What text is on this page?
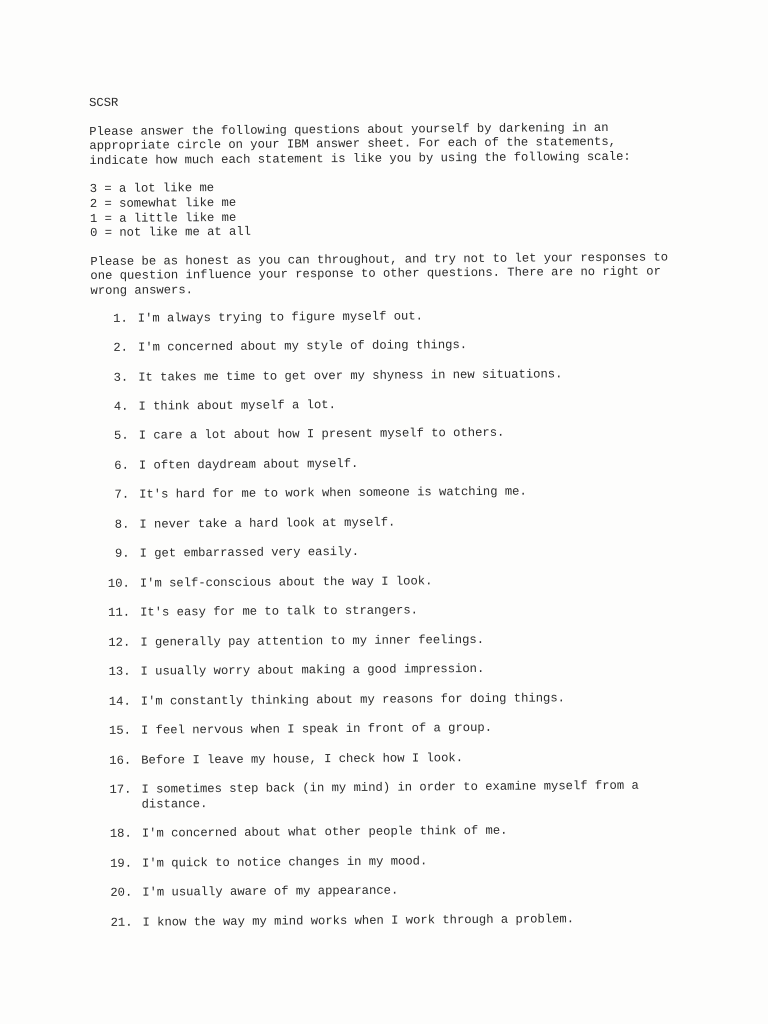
SCSR

Please answer the following questions about yourself by darkening in an appropriate circle on your IBM answer sheet. For each of the statements, indicate how much each statement is like you by using the following scale:

3 = a lot like me
2 = somewhat like me
1 = a little like me
0 = not like me at all

Please be as honest as you can throughout, and try not to let your responses to one question influence your response to other questions. There are no right or wrong answers.

1. I'm always trying to figure myself out.
2. I'm concerned about my style of doing things.
3. It takes me time to get over my shyness in new situations.
4. I think about myself a lot.
5. I care a lot about how I present myself to others.
6. I often daydream about myself.
7. It's hard for me to work when someone is watching me.
8. I never take a hard look at myself.
9. I get embarrassed very easily.
10. I'm self-conscious about the way I look.
11. It's easy for me to talk to strangers.
12. I generally pay attention to my inner feelings.
13. I usually worry about making a good impression.
14. I'm constantly thinking about my reasons for doing things.
15. I feel nervous when I speak in front of a group.
16. Before I leave my house, I check how I look.
17. I sometimes step back (in my mind) in order to examine myself from a distance.
18. I'm concerned about what other people think of me.
19. I'm quick to notice changes in my mood.
20. I'm usually aware of my appearance.
21. I know the way my mind works when I work through a problem.
